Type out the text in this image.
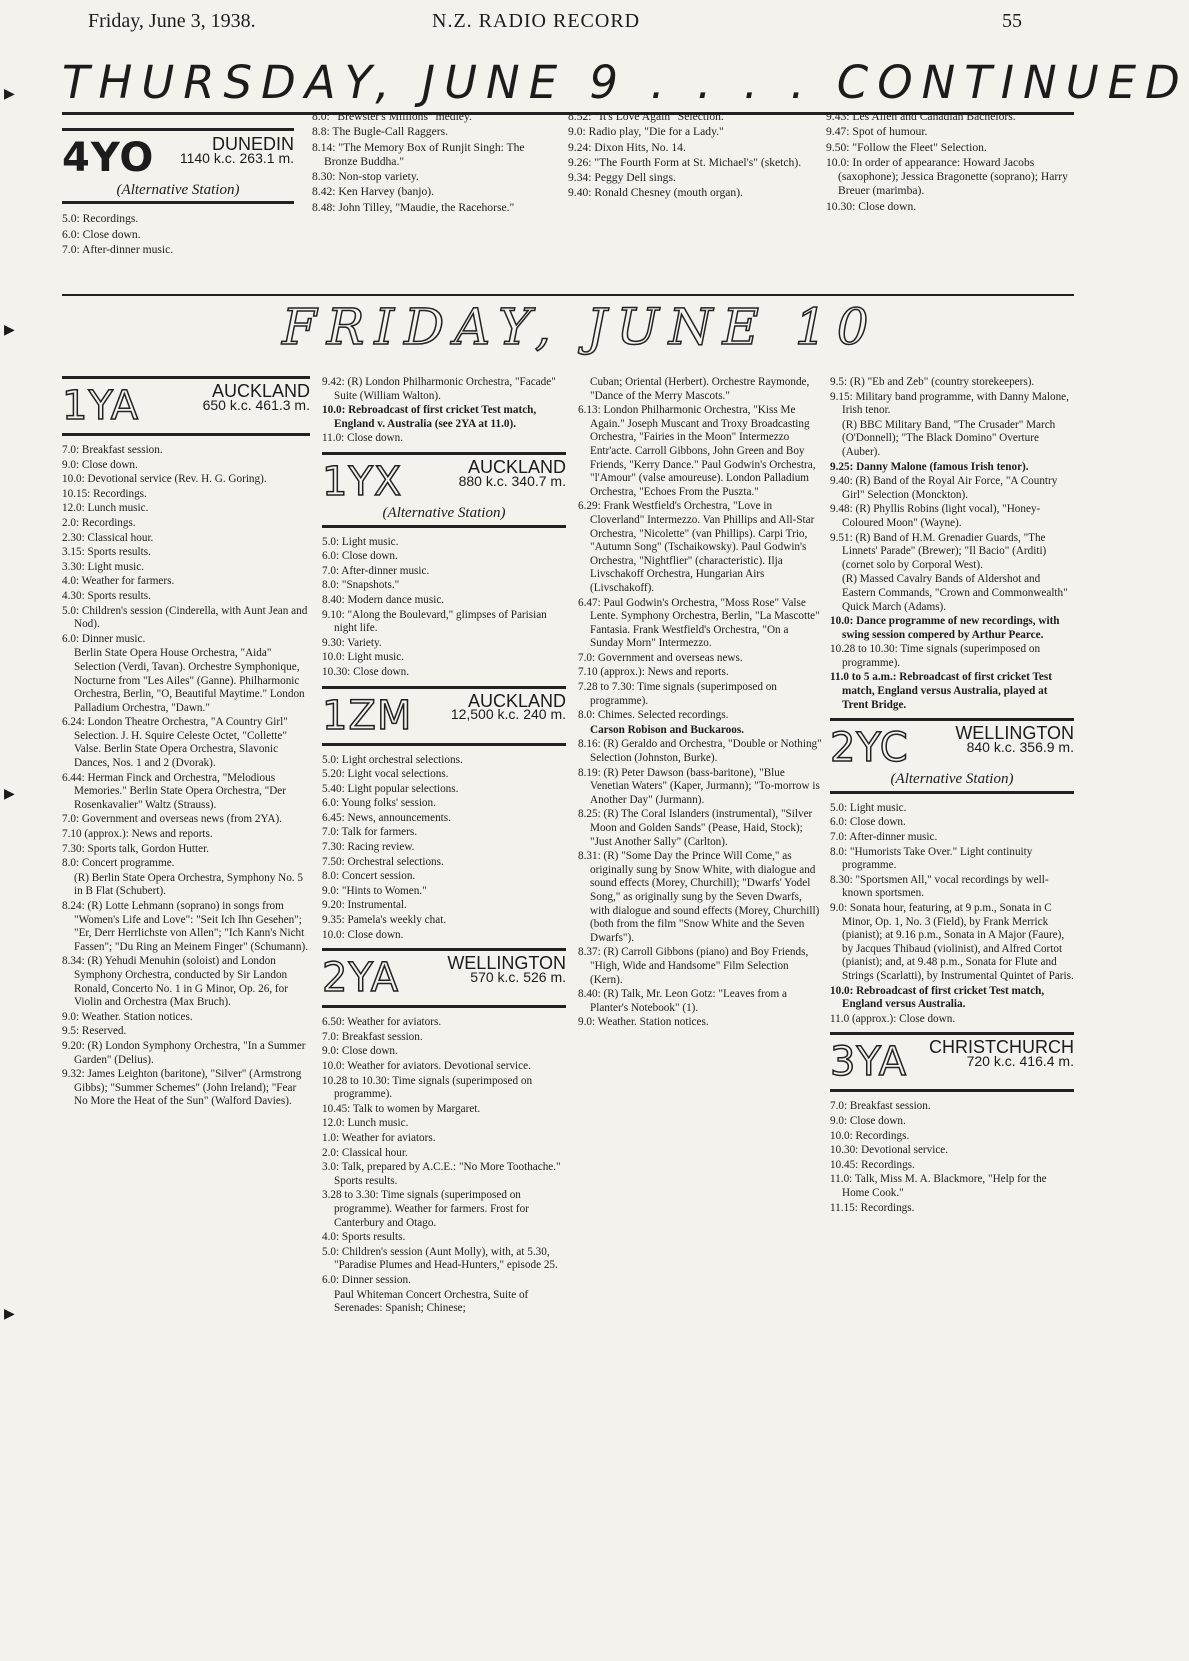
Friday, June 3, 1938.	N.Z. RADIO RECORD	55
THURSDAY, JUNE 9 . . . . CONTINUED
4YO	DUNEDIN
1140 k.c. 263.1 m.
(Alternative Station)

5.0: Recordings.

6.0: Close down.

7.0: After-dinner music.

8.0: "Brewster's Millions" medley.

8.8: The Bugle-Call Raggers.

8.14: "The Memory Box of Runjit Singh: The Bronze Buddha."

8.30: Non-stop variety.

8.42: Ken Harvey (banjo).

8.48: John Tilley, "Maudie, the Racehorse."

8.52: "It's Love Again" Selection.

9.0: Radio play, "Die for a Lady."

9.24: Dixon Hits, No. 14.

9.26: "The Fourth Form at St. Michael's" (sketch).

9.34: Peggy Dell sings.

9.40: Ronald Chesney (mouth organ).

9.43: Les Allen and Canadian Bachelors.

9.47: Spot of humour.

9.50: "Follow the Fleet" Selection.

10.0: In order of appearance: Howard Jacobs (saxophone); Jessica Bragonette (soprano); Harry Breuer (marimba).

10.30: Close down.

FRIDAY, JUNE 10
1YA	AUCKLAND
650 k.c. 461.3 m.

7.0: Breakfast session.

9.0: Close down.

10.0: Devotional service (Rev. H. G. Goring).

10.15: Recordings.

12.0: Lunch music.

2.0: Recordings.

2.30: Classical hour.

3.15: Sports results.

3.30: Light music.

4.0: Weather for farmers.

4.30: Sports results.

5.0: Children's session (Cinderella, with Aunt Jean and Nod).

6.0: Dinner music.

Berlin State Opera House Orchestra, "Aida" Selection (Verdi, Tavan). Orchestre Symphonique, Nocturne from "Les Ailes" (Ganne). Philharmonic Orchestra, Berlin, "O, Beautiful Maytime." London Palladium Orchestra, "Dawn."

6.24: London Theatre Orchestra, "A Country Girl" Selection. J. H. Squire Celeste Octet, "Collette" Valse. Berlin State Opera Orchestra, Slavonic Dances, Nos. 1 and 2 (Dvorak).

6.44: Herman Finck and Orchestra, "Melodious Memories." Berlin State Opera Orchestra, "Der Rosenkavalier" Waltz (Strauss).

7.0: Government and overseas news (from 2YA).

7.10 (approx.): News and reports.

7.30: Sports talk, Gordon Hutter.

8.0: Concert programme.

(R) Berlin State Opera Orchestra, Symphony No. 5 in B Flat (Schubert).

8.24: (R) Lotte Lehmann (soprano) in songs from "Women's Life and Love": "Seit Ich Ihn Gesehen"; "Er, Derr Herrlichste von Allen"; "Ich Kann's Nicht Fassen"; "Du Ring an Meinem Finger" (Schumann).

8.34: (R) Yehudi Menuhin (soloist) and London Symphony Orchestra, conducted by Sir Landon Ronald, Concerto No. 1 in G Minor, Op. 26, for Violin and Orchestra (Max Bruch).

9.0: Weather. Station notices.

9.5: Reserved.

9.20: (R) London Symphony Orchestra, "In a Summer Garden" (Delius).

9.32: James Leighton (baritone), "Silver" (Armstrong Gibbs); "Summer Schemes" (John Ireland); "Fear No More the Heat of the Sun" (Walford Davies).

9.42: (R) London Philharmonic Orchestra, "Facade" Suite (William Walton).

10.0: Rebroadcast of first cricket Test match, England v. Australia (see 2YA at 11.0).

11.0: Close down.

1YX	AUCKLAND
880 k.c. 340.7 m.
(Alternative Station)

5.0: Light music.

6.0: Close down.

7.0: After-dinner music.

8.0: "Snapshots."

8.40: Modern dance music.

9.10: "Along the Boulevard," glimpses of Parisian night life.

9.30: Variety.

10.0: Light music.

10.30: Close down.

1ZM	AUCKLAND
12,500 k.c. 240 m.

5.0: Light orchestral selections.

5.20: Light vocal selections.

5.40: Light popular selections.

6.0: Young folks' session.

6.45: News, announcements.

7.0: Talk for farmers.

7.30: Racing review.

7.50: Orchestral selections.

8.0: Concert session.

9.0: "Hints to Women."

9.20: Instrumental.

9.35: Pamela's weekly chat.

10.0: Close down.

2YA	WELLINGTON
570 k.c. 526 m.

6.50: Weather for aviators.

7.0: Breakfast session.

9.0: Close down.

10.0: Weather for aviators. Devotional service.

10.28 to 10.30: Time signals (superimposed on programme).

10.45: Talk to women by Margaret.

12.0: Lunch music.

1.0: Weather for aviators.

2.0: Classical hour.

3.0: Talk, prepared by A.C.E.: "No More Toothache." Sports results.

3.28 to 3.30: Time signals (superimposed on programme). Weather for farmers. Frost for Canterbury and Otago.

4.0: Sports results.

5.0: Children's session (Aunt Molly), with, at 5.30, "Paradise Plumes and Head-Hunters," episode 25.

6.0: Dinner session.

Paul Whiteman Concert Orchestra, Suite of Serenades: Spanish; Chinese;

Cuban; Oriental (Herbert). Orchestre Raymonde, "Dance of the Merry Mascots."

6.13: London Philharmonic Orchestra, "Kiss Me Again." Joseph Muscant and Troxy Broadcasting Orchestra, "Fairies in the Moon" Intermezzo Entr'acte. Carroll Gibbons, John Green and Boy Friends, "Kerry Dance." Paul Godwin's Orchestra, "l'Amour" (valse amoureuse). London Palladium Orchestra, "Echoes From the Puszta."

6.29: Frank Westfield's Orchestra, "Love in Cloverland" Intermezzo. Van Phillips and All-Star Orchestra, "Nicolette" (van Phillips). Carpi Trio, "Autumn Song" (Tschaikowsky). Paul Godwin's Orchestra, "Nightflier" (characteristic). Ilja Livschakoff Orchestra, Hungarian Airs (Livschakoff).

6.47: Paul Godwin's Orchestra, "Moss Rose" Valse Lente. Symphony Orchestra, Berlin, "La Mascotte" Fantasia. Frank Westfield's Orchestra, "On a Sunday Morn" Intermezzo.

7.0: Government and overseas news.

7.10 (approx.): News and reports.

7.28 to 7.30: Time signals (superimposed on programme).

8.0: Chimes. Selected recordings.

Carson Robison and Buckaroos.

8.16: (R) Geraldo and Orchestra, "Double or Nothing" Selection (Johnston, Burke).

8.19: (R) Peter Dawson (bass-baritone), "Blue Venetian Waters" (Kaper, Jurmann); "To-morrow is Another Day" (Jurmann).

8.25: (R) The Coral Islanders (instrumental), "Silver Moon and Golden Sands" (Pease, Haid, Stock); "Just Another Sally" (Carlton).

8.31: (R) "Some Day the Prince Will Come," as originally sung by Snow White, with dialogue and sound effects (Morey, Churchill); "Dwarfs' Yodel Song," as originally sung by the Seven Dwarfs, with dialogue and sound effects (Morey, Churchill) (both from the film "Snow White and the Seven Dwarfs").

8.37: (R) Carroll Gibbons (piano) and Boy Friends, "High, Wide and Handsome" Film Selection (Kern).

8.40: (R) Talk, Mr. Leon Gotz: "Leaves from a Planter's Notebook" (1).

9.0: Weather. Station notices.

9.5: (R) "Eb and Zeb" (country storekeepers).

9.15: Military band programme, with Danny Malone, Irish tenor.

(R) BBC Military Band, "The Crusader" March (O'Donnell); "The Black Domino" Overture (Auber).

9.25: Danny Malone (famous Irish tenor).

9.40: (R) Band of the Royal Air Force, "A Country Girl" Selection (Monckton).

9.48: (R) Phyllis Robins (light vocal), "Honey-Coloured Moon" (Wayne).

9.51: (R) Band of H.M. Grenadier Guards, "The Linnets' Parade" (Brewer); "Il Bacio" (Arditi) (cornet solo by Corporal West).

(R) Massed Cavalry Bands of Aldershot and Eastern Commands, "Crown and Commonwealth" Quick March (Adams).

10.0: Dance programme of new recordings, with swing session compered by Arthur Pearce.

10.28 to 10.30: Time signals (superimposed on programme).

11.0 to 5 a.m.: Rebroadcast of first cricket Test match, England versus Australia, played at Trent Bridge.

2YC	WELLINGTON
840 k.c. 356.9 m.
(Alternative Station)

5.0: Light music.

6.0: Close down.

7.0: After-dinner music.

8.0: "Humorists Take Over." Light continuity programme.

8.30: "Sportsmen All," vocal recordings by well-known sportsmen.

9.0: Sonata hour, featuring, at 9 p.m., Sonata in C Minor, Op. 1, No. 3 (Field), by Frank Merrick (pianist); at 9.16 p.m., Sonata in A Major (Faure), by Jacques Thibaud (violinist), and Alfred Cortot (pianist); and, at 9.48 p.m., Sonata for Flute and Strings (Scarlatti), by Instrumental Quintet of Paris.

10.0: Rebroadcast of first cricket Test match, England versus Australia.

11.0 (approx.): Close down.

3YA	CHRISTCHURCH
720 k.c. 416.4 m.

7.0: Breakfast session.

9.0: Close down.

10.0: Recordings.

10.30: Devotional service.

10.45: Recordings.

11.0: Talk, Miss M. A. Blackmore, "Help for the Home Cook."

11.15: Recordings.

▶
▶
▶
▶
